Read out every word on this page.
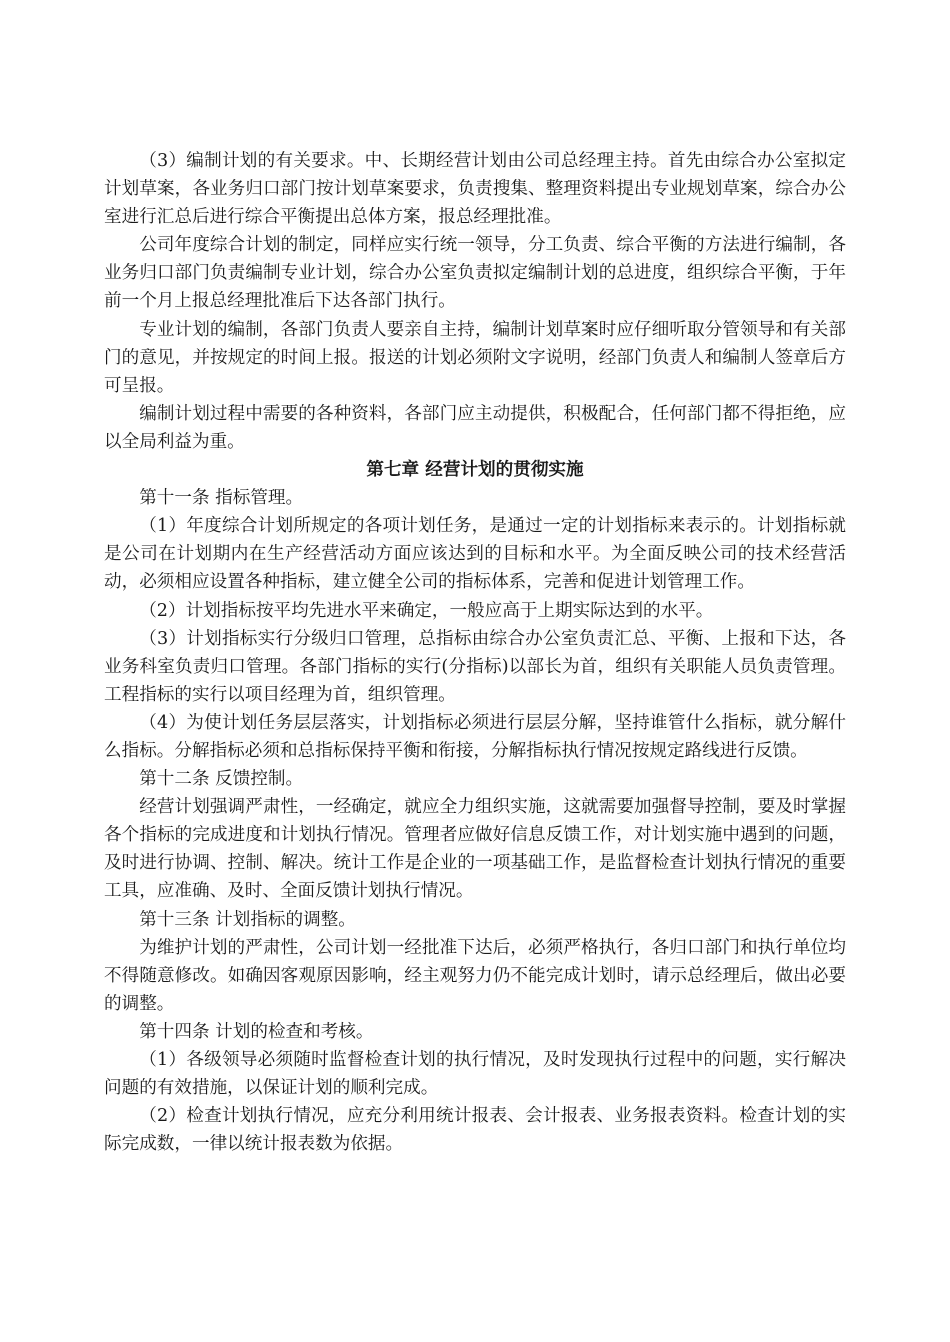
（3）编制计划的有关要求。中、长期经营计划由公司总经理主持。首先由综合办公室拟定计划草案，各业务归口部门按计划草案要求，负责搜集、整理资料提出专业规划草案，综合办公室进行汇总后进行综合平衡提出总体方案，报总经理批准。

公司年度综合计划的制定，同样应实行统一领导，分工负责、综合平衡的方法进行编制，各业务归口部门负责编制专业计划，综合办公室负责拟定编制计划的总进度，组织综合平衡，于年前一个月上报总经理批准后下达各部门执行。

专业计划的编制，各部门负责人要亲自主持，编制计划草案时应仔细听取分管领导和有关部门的意见，并按规定的时间上报。报送的计划必须附文字说明，经部门负责人和编制人签章后方可呈报。

编制计划过程中需要的各种资料，各部门应主动提供，积极配合，任何部门都不得拒绝，应以全局利益为重。

第七章 经营计划的贯彻实施

第十一条 指标管理。

（1）年度综合计划所规定的各项计划任务，是通过一定的计划指标来表示的。计划指标就是公司在计划期内在生产经营活动方面应该达到的目标和水平。为全面反映公司的技术经营活动，必须相应设置各种指标，建立健全公司的指标体系，完善和促进计划管理工作。

（2）计划指标按平均先进水平来确定，一般应高于上期实际达到的水平。

（3）计划指标实行分级归口管理，总指标由综合办公室负责汇总、平衡、上报和下达，各业务科室负责归口管理。各部门指标的实行(分指标)以部长为首，组织有关职能人员负责管理。工程指标的实行以项目经理为首，组织管理。

（4）为使计划任务层层落实，计划指标必须进行层层分解，坚持谁管什么指标，就分解什么指标。分解指标必须和总指标保持平衡和衔接，分解指标执行情况按规定路线进行反馈。

第十二条 反馈控制。

经营计划强调严肃性，一经确定，就应全力组织实施，这就需要加强督导控制，要及时掌握各个指标的完成进度和计划执行情况。管理者应做好信息反馈工作，对计划实施中遇到的问题，及时进行协调、控制、解决。统计工作是企业的一项基础工作，是监督检查计划执行情况的重要工具，应准确、及时、全面反馈计划执行情况。

第十三条 计划指标的调整。

为维护计划的严肃性，公司计划一经批准下达后，必须严格执行，各归口部门和执行单位均不得随意修改。如确因客观原因影响，经主观努力仍不能完成计划时，请示总经理后，做出必要的调整。

第十四条 计划的检查和考核。

（1）各级领导必须随时监督检查计划的执行情况，及时发现执行过程中的问题，实行解决问题的有效措施，以保证计划的顺利完成。

（2）检查计划执行情况，应充分利用统计报表、会计报表、业务报表资料。检查计划的实际完成数，一律以统计报表数为依据。
